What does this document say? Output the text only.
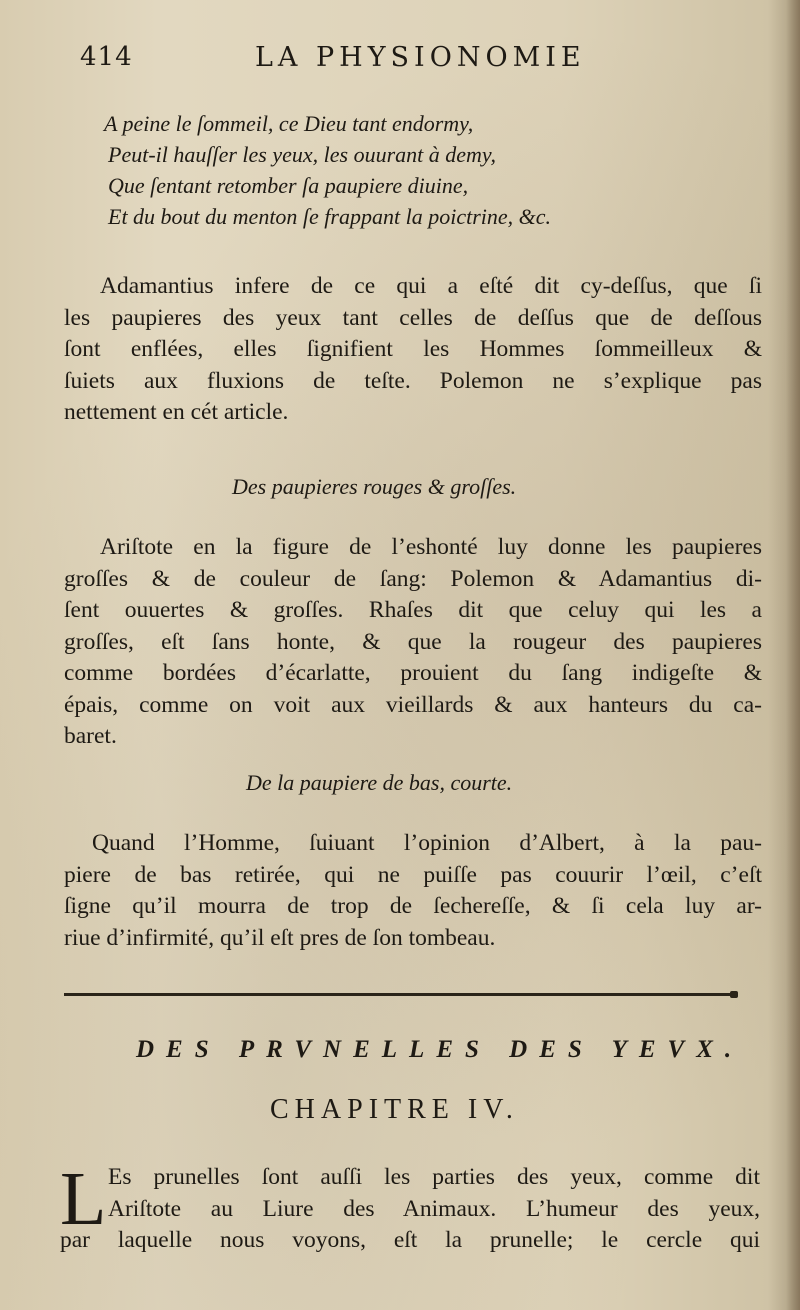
414	LA PHYSIONOMIE
A peine le ſommeil, ce Dieu tant endormy,
Peut-il hauſſer les yeux, les ouurant à demy,
Que ſentant retomber ſa paupiere diuine,
Et du bout du menton ſe frappant la poictrine, &c.
Adamantius infere de ce qui a eſté dit cy-deſſus, que ſi
les paupieres des yeux tant celles de deſſus que de deſſous
ſont enflées, elles ſignifient les Hommes ſommeilleux &
ſuiets aux fluxions de teſte. Polemon ne s’explique pas
nettement en cét article.
Des paupieres rouges & groſſes.
Ariſtote en la figure de l’eshonté luy donne les paupieres
groſſes & de couleur de ſang: Polemon & Adamantius di-
ſent ouuertes & groſſes. Rhaſes dit que celuy qui les a
groſſes, eſt ſans honte, & que la rougeur des paupieres
comme bordées d’écarlatte, prouient du ſang indigeſte &
épais, comme on voit aux vieillards & aux hanteurs du ca-
baret.
De la paupiere de bas, courte.
Quand l’Homme, ſuiuant l’opinion d’Albert, à la pau-
piere de bas retirée, qui ne puiſſe pas couurir l’œil, c’eſt
ſigne qu’il mourra de trop de ſechereſſe, & ſi cela luy ar-
riue d’infirmité, qu’il eſt pres de ſon tombeau.
DES PRVNELLES DES YEVX.
CHAPITRE IV.
L Es prunelles ſont auſſi les parties des yeux, comme dit
Ariſtote au Liure des Animaux. L’humeur des yeux,
par laquelle nous voyons, eſt la prunelle; le cercle qui
